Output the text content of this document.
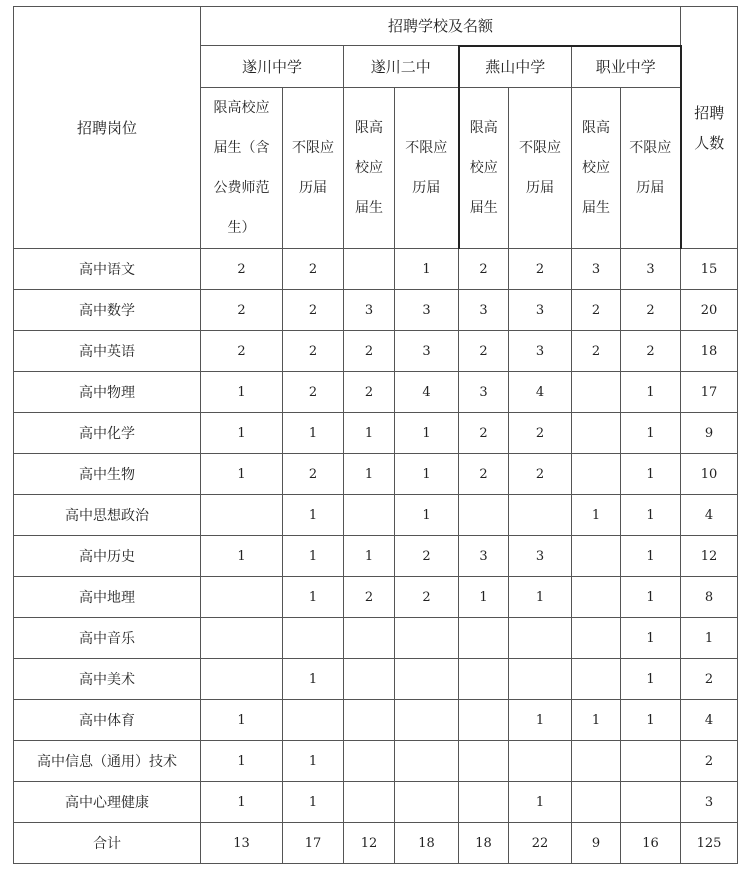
招聘岗位	招聘学校及名额								招聘人数

	遂川中学		遂川二中		燕山中学		职业中学		

	限高校应届生（含公费师范生）	不限应历届	限高校应届生	不限应历届	限高校应届生	不限应历届	限高校应届生	不限应历届	

高中语文	2	2		1	2	2	3	3	15
高中数学	2	2	3	3	3	3	2	2	20
高中英语	2	2	2	3	2	3	2	2	18
高中物理	1	2	2	4	3	4		1	17
高中化学	1	1	1	1	2	2		1	9
高中生物	1	2	1	1	2	2		1	10
高中思想政治		1		1			1	1	4
高中历史	1	1	1	2	3	3		1	12
高中地理		1	2	2	1	1		1	8
高中音乐								1	1
高中美术		1						1	2
高中体育	1					1	1	1	4
高中信息（通用）技术	1	1							2
高中心理健康	1	1				1			3
合计	13	17	12	18	18	22	9	16	125
